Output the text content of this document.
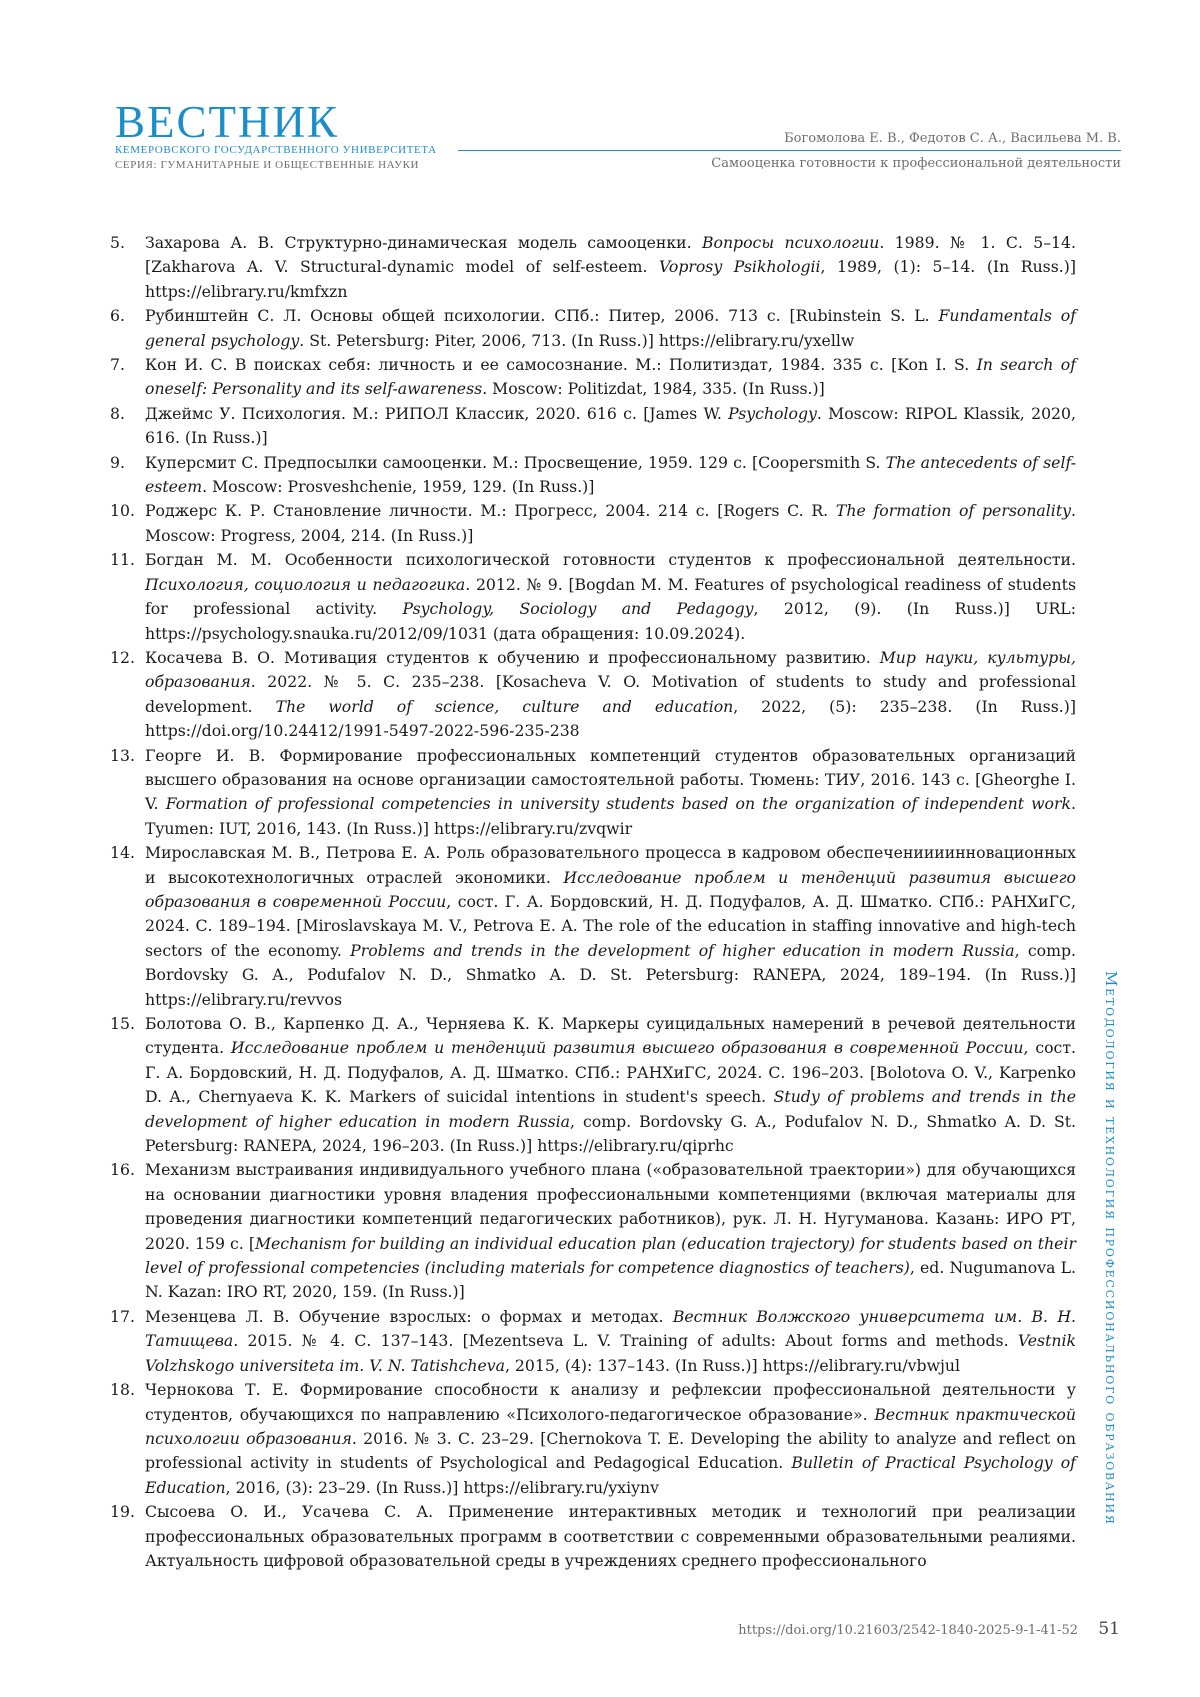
ВЕСТНИК
КЕМЕРОВСКОГО ГОСУДАРСТВЕННОГО УНИВЕРСИТЕТА
СЕРИЯ: ГУМАНИТАРНЫЕ И ОБЩЕСТВЕННЫЕ НАУКИ
Богомолова Е. В., Федотов С. А., Васильева М. В.
Самооценка готовности к профессиональной деятельности
5.	Захарова А. В. Структурно-динамическая модель самооценки. Вопросы психологии. 1989. № 1. С. 5–14. [Zakharova A. V. Structural-dynamic model of self-esteem. Voprosy Psikhologii, 1989, (1): 5–14. (In Russ.)] https://elibrary.ru/kmfxzn
6.	Рубинштейн С. Л. Основы общей психологии. СПб.: Питер, 2006. 713 с. [Rubinstein S. L. Fundamentals of general psychology. St. Petersburg: Piter, 2006, 713. (In Russ.)] https://elibrary.ru/yxellw
7.	Кон И. С. В поисках себя: личность и ее самосознание. М.: Политиздат, 1984. 335 с. [Kon I. S. In search of oneself: Personality and its self-awareness. Moscow: Politizdat, 1984, 335. (In Russ.)]
8.	Джеймс У. Психология. М.: РИПОЛ Классик, 2020. 616 с. [James W. Psychology. Moscow: RIPOL Klassik, 2020, 616. (In Russ.)]
9.	Куперсмит С. Предпосылки самооценки. М.: Просвещение, 1959. 129 с. [Coopersmith S. The antecedents of self-esteem. Moscow: Prosveshchenie, 1959, 129. (In Russ.)]
10. Роджерс К. Р. Становление личности. М.: Прогресс, 2004. 214 с. [Rogers C. R. The formation of personality. Moscow: Progress, 2004, 214. (In Russ.)]
11. Богдан М. М. Особенности психологической готовности студентов к профессиональной деятельности. Психология, социология и педагогика. 2012. № 9. [Bogdan M. M. Features of psychological readiness of students for professional activity. Psychology, Sociology and Pedagogy, 2012, (9). (In Russ.)] URL: https://psychology.snauka.ru/2012/09/1031 (дата обращения: 10.09.2024).
12. Косачева В. О. Мотивация студентов к обучению и профессиональному развитию. Мир науки, культуры, образования. 2022. № 5. С. 235–238. [Kosacheva V. O. Motivation of students to study and professional development. The world of science, culture and education, 2022, (5): 235–238. (In Russ.)] https://doi.org/10.24412/1991-5497-2022-596-235-238
13. Георге И. В. Формирование профессиональных компетенций студентов образовательных организаций высшего образования на основе организации самостоятельной работы. Тюмень: ТИУ, 2016. 143 с. [Gheorghe I. V. Formation of professional competencies in university students based on the organization of independent work. Tyumen: IUT, 2016, 143. (In Russ.)] https://elibrary.ru/zvqwir
14. Мирославская М. В., Петрова Е. А. Роль образовательного процесса в кадровом обеспечениииинновационных и высокотехнологичных отраслей экономики. Исследование проблем и тенденций развития высшего образования в современной России, сост. Г. А. Бордовский, Н. Д. Подуфалов, А. Д. Шматко. СПб.: РАНХиГС, 2024. С. 189–194. [Miroslavskaya M. V., Petrova E. A. The role of the education in staffing innovative and high-tech sectors of the economy. Problems and trends in the development of higher education in modern Russia, comp. Bordovsky G. A., Podufalov N. D., Shmatko A. D. St. Petersburg: RANEPA, 2024, 189–194. (In Russ.)] https://elibrary.ru/revvos
15. Болотова О. В., Карпенко Д. А., Черняева К. К. Маркеры суицидальных намерений в речевой деятельности студента. Исследование проблем и тенденций развития высшего образования в современной России, сост. Г. А. Бордовский, Н. Д. Подуфалов, А. Д. Шматко. СПб.: РАНХиГС, 2024. С. 196–203. [Bolotova O. V., Karpenko D. A., Chernyaeva K. K. Markers of suicidal intentions in student's speech. Study of problems and trends in the development of higher education in modern Russia, comp. Bordovsky G. A., Podufalov N. D., Shmatko A. D. St. Petersburg: RANEPA, 2024, 196–203. (In Russ.)] https://elibrary.ru/qiprhc
16. Механизм выстраивания индивидуального учебного плана («образовательной траектории») для обучающихся на основании диагностики уровня владения профессиональными компетенциями (включая материалы для проведения диагностики компетенций педагогических работников), рук. Л. Н. Нугуманова. Казань: ИРО РТ, 2020. 159 с. [Mechanism for building an individual education plan (education trajectory) for students based on their level of professional competencies (including materials for competence diagnostics of teachers), ed. Nugumanova L. N. Kazan: IRO RT, 2020, 159. (In Russ.)]
17. Мезенцева Л. В. Обучение взрослых: о формах и методах. Вестник Волжского университета им. В. Н. Татищева. 2015. № 4. С. 137–143. [Mezentseva L. V. Training of adults: About forms and methods. Vestnik Volzhskogo universiteta im. V. N. Tatishcheva, 2015, (4): 137–143. (In Russ.)] https://elibrary.ru/vbwjul
18. Чернокова Т. Е. Формирование способности к анализу и рефлексии профессиональной деятельности у студентов, обучающихся по направлению «Психолого-педагогическое образование». Вестник практической психологии образования. 2016. № 3. С. 23–29. [Chernokova T. E. Developing the ability to analyze and reflect on professional activity in students of Psychological and Pedagogical Education. Bulletin of Practical Psychology of Education, 2016, (3): 23–29. (In Russ.)] https://elibrary.ru/yxiynv
19. Сысоева О. И., Усачева С. А. Применение интерактивных методик и технологий при реализации профессиональных образовательных программ в соответствии с современными образовательными реалиями. Актуальность цифровой образовательной среды в учреждениях среднего профессионального
Методология и технология профессионального образования
https://doi.org/10.21603/2542-1840-2025-9-1-41-52 51
